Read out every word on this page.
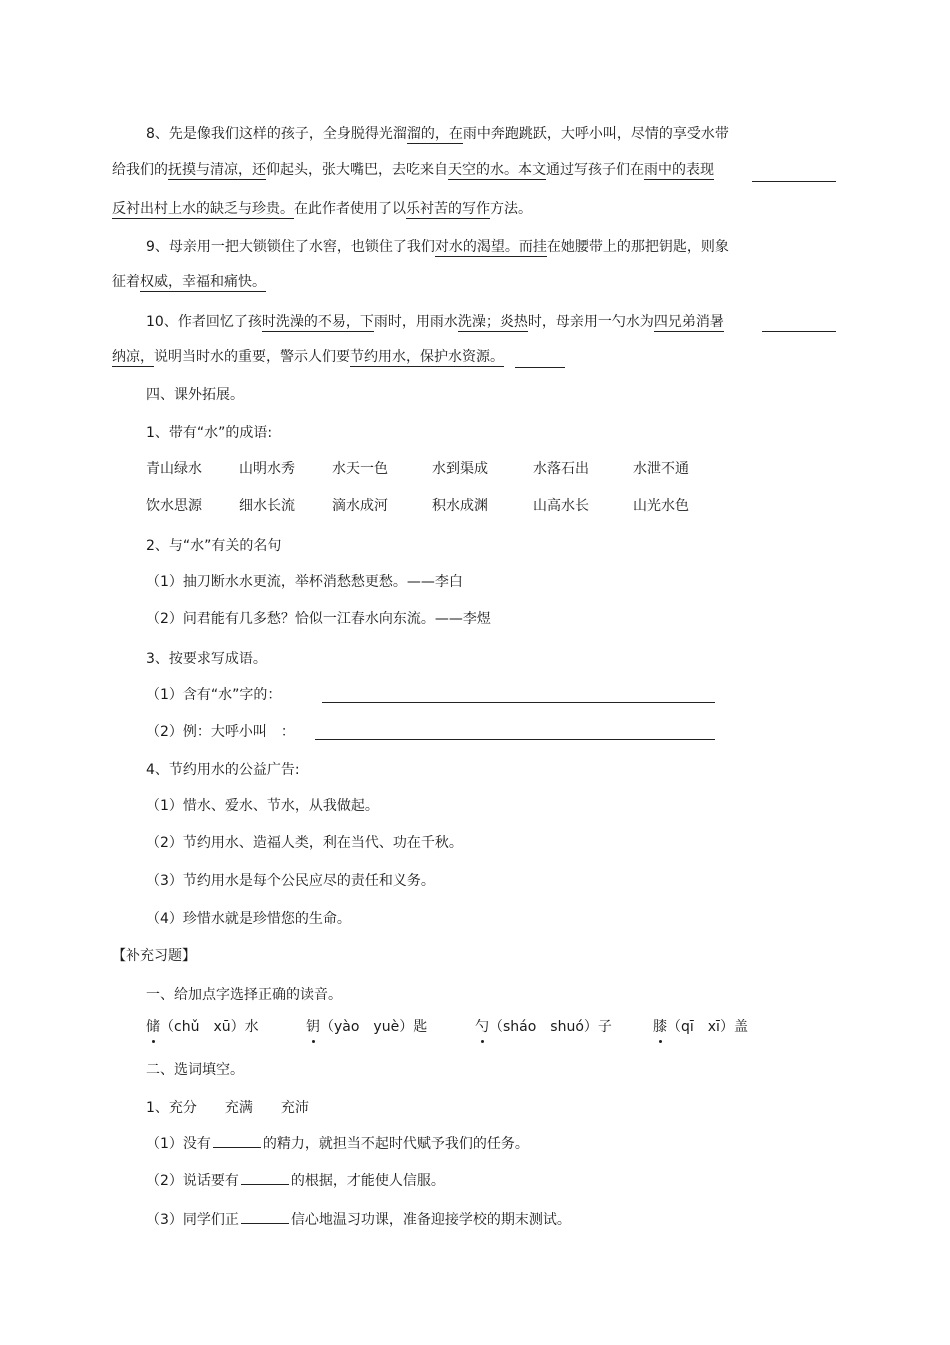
8、先是像我们这样的孩子，全身脱得光溜溜的，在雨中奔跑跳跃，大呼小叫，尽情的享受水带
给我们的抚摸与清凉，还仰起头，张大嘴巴，去吃来自天空的水。本文通过写孩子们在雨中的表现
反衬出村上水的缺乏与珍贵。在此作者使用了以乐衬苦的写作方法。
9、母亲用一把大锁锁住了水窖，也锁住了我们对水的渴望。而挂在她腰带上的那把钥匙，则象
征着权威，幸福和痛快。
10、作者回忆了孩时洗澡的不易，下雨时，用雨水洗澡；炎热时，母亲用一勺水为四兄弟消暑
纳凉，说明当时水的重要，警示人们要节约用水，保护水资源。
四、课外拓展。
1、带有“水”的成语:
青山绿水	山明水秀	水天一色	水到渠成	水落石出	水泄不通
饮水思源	细水长流	滴水成河	积水成渊	山高水长	山光水色
2、与“水”有关的名句
（1）抽刀断水水更流，举杯消愁愁更愁。——李白
（2）问君能有几多愁？恰似一江春水向东流。——李煜
3、按要求写成语。
（1）含有“水”字的：
（2）例：大呼小叫　：
4、节约用水的公益广告:
（1）惜水、爱水、节水，从我做起。
（2）节约用水、造福人类，利在当代、功在千秋。
（3）节约用水是每个公民应尽的责任和义务。
（4）珍惜水就是珍惜您的生命。
【补充习题】
一、给加点字选择正确的读音。
储（chǔ　xū）水	钥（yào　yuè）匙	勺（sháo　shuó）子	膝（qī　xī）盖
二、选词填空。
1、充分　　充满　　充沛
（1）没有	的精力，就担当不起时代赋予我们的任务。
（2）说话要有	的根据，才能使人信服。
（3）同学们正	信心地温习功课，准备迎接学校的期末测试。
